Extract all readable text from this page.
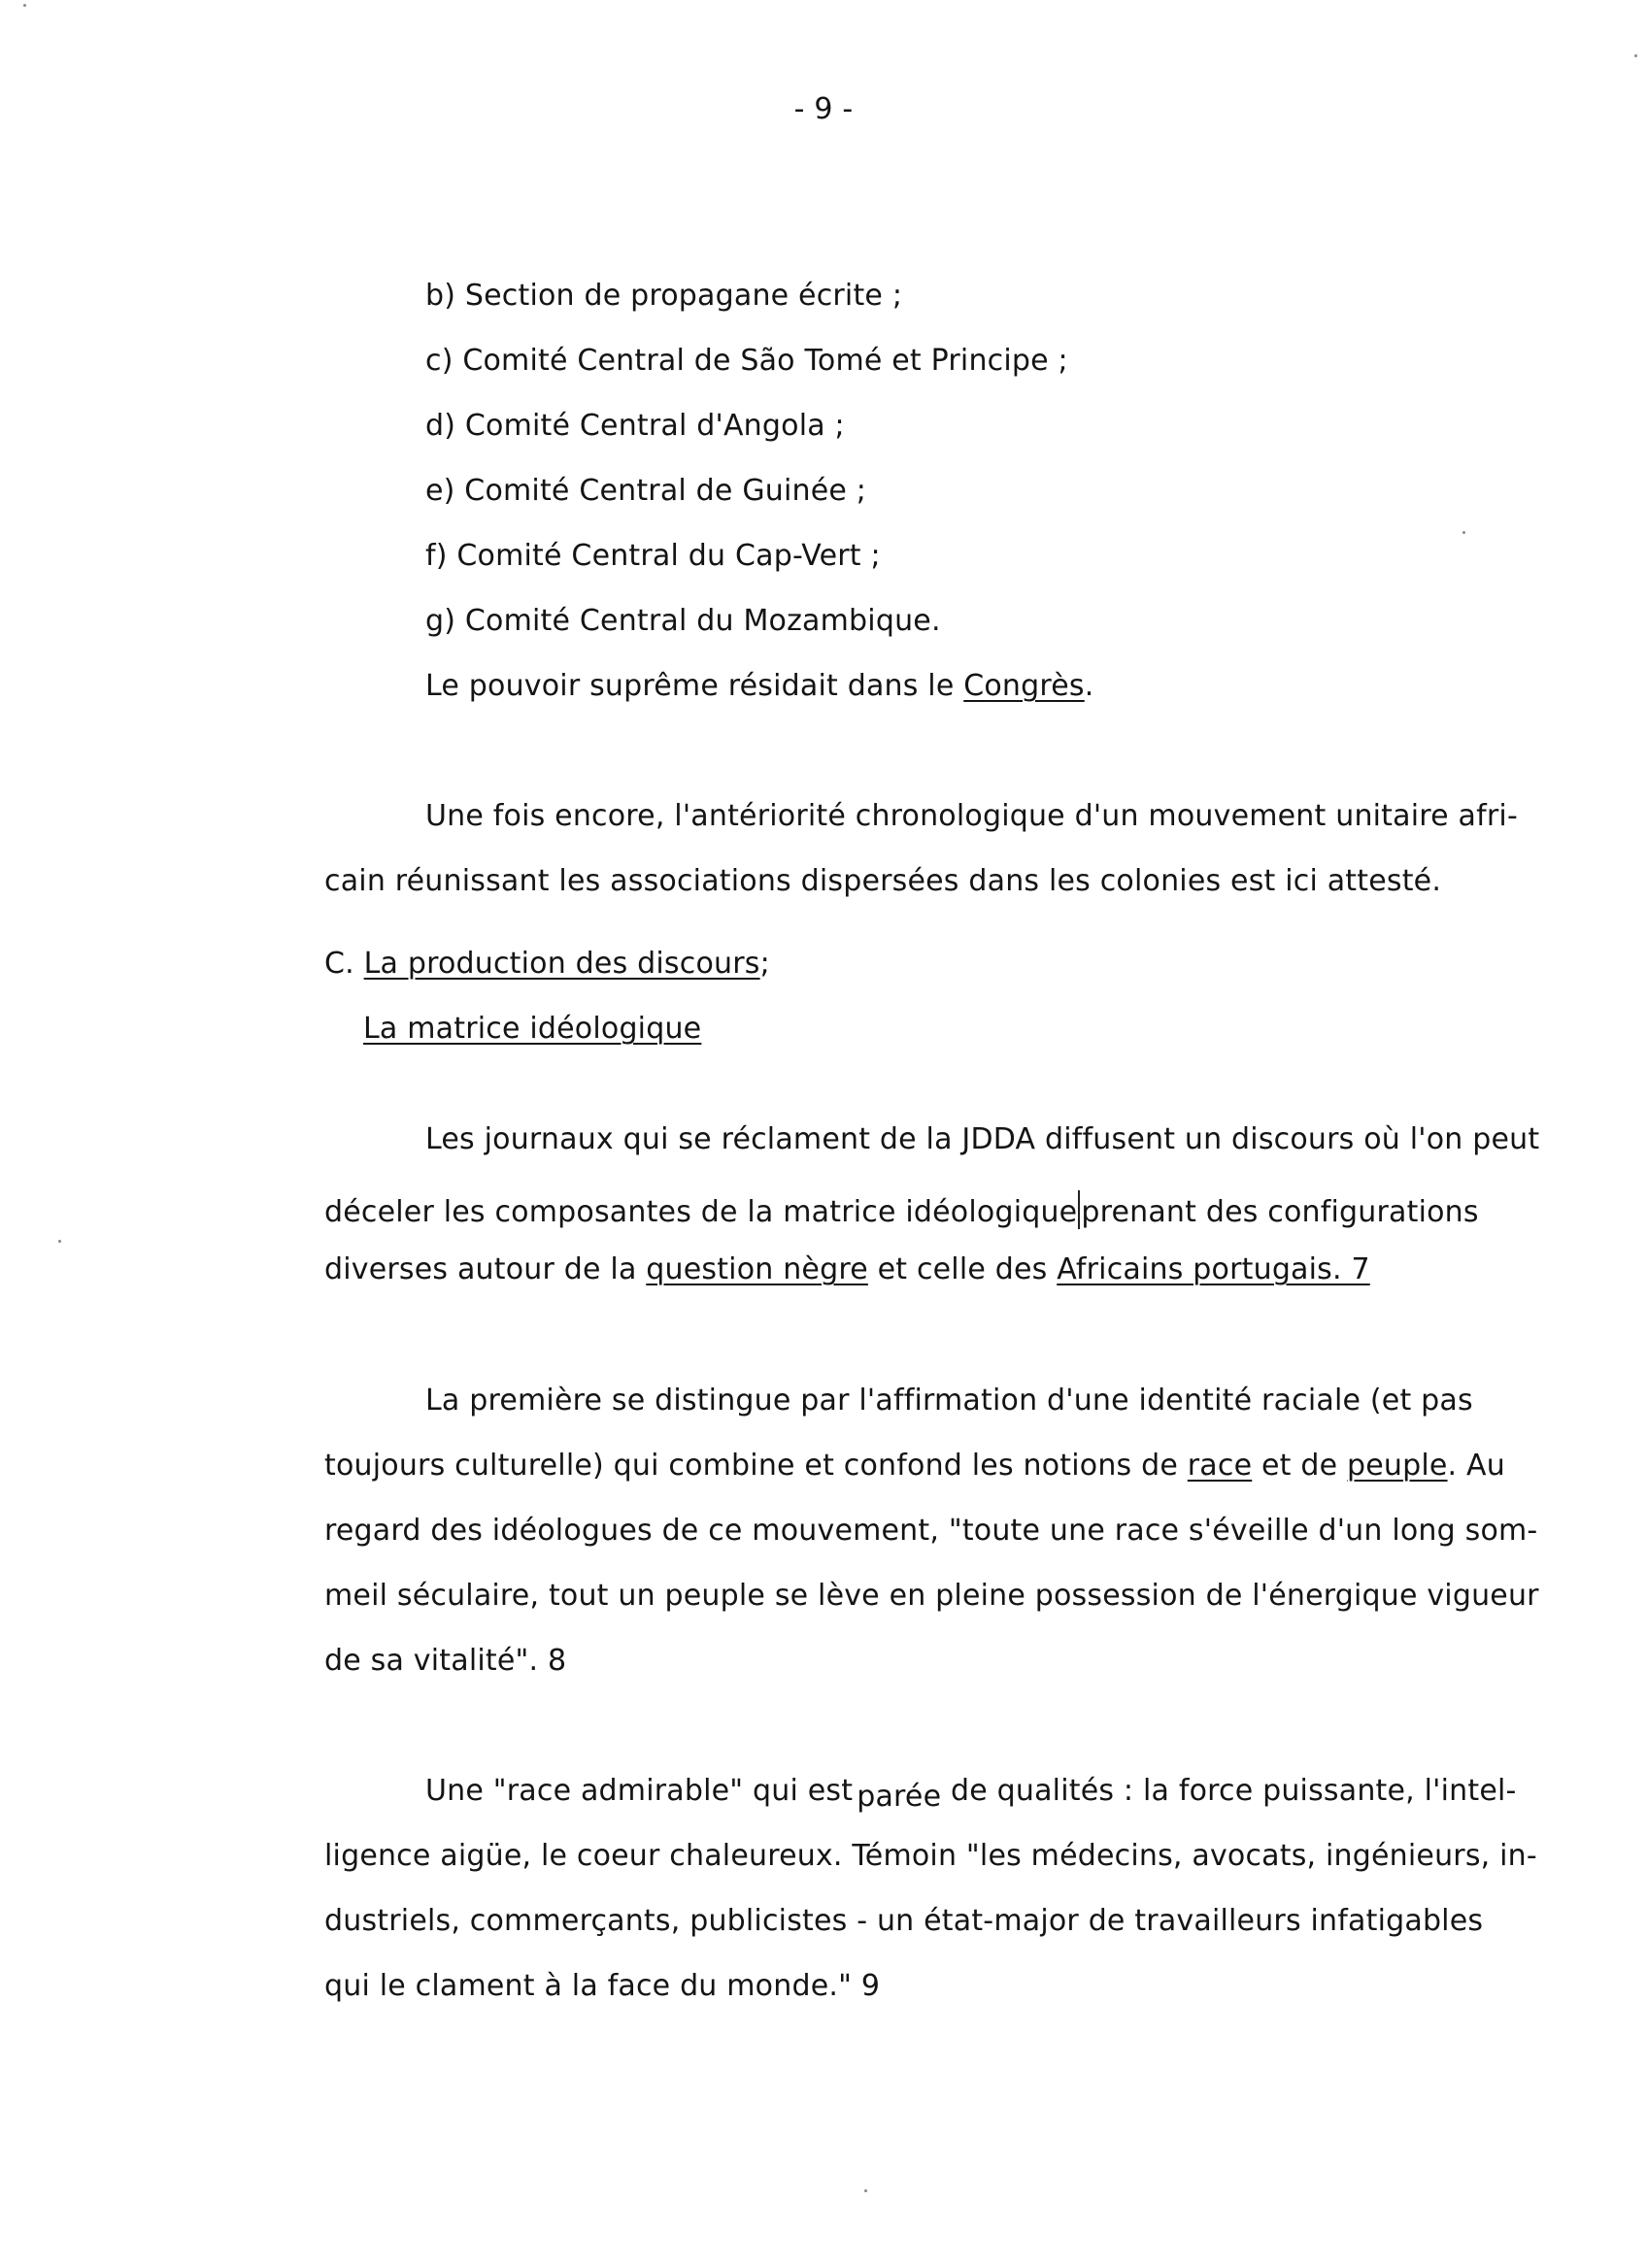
- 9 -
b) Section de propagane écrite ;
c) Comité Central de São Tomé et Principe ;
d) Comité Central d'Angola ;
e) Comité Central de Guinée ;
f) Comité Central du Cap-Vert ;
g) Comité Central du Mozambique.
Le pouvoir suprême résidait dans le Congrès.
Une fois encore, l'antériorité chronologique d'un mouvement unitaire afri-
cain réunissant les associations dispersées dans les colonies est ici attesté.
C. La production des discours;
La matrice idéologique
Les journaux qui se réclament de la JDDA diffusent un discours où l'on peut
déceler les composantes de la matrice idéologique prenant des configurations
diverses autour de la question nègre et celle des Africains portugais. 7
La première se distingue par l'affirmation d'une identité raciale (et pas
toujours culturelle) qui combine et confond les notions de race et de peuple. Au
regard des idéologues de ce mouvement, "toute une race s'éveille d'un long som-
meil séculaire, tout un peuple se lève en pleine possession de l'énergique vigueur
de sa vitalité". 8
Une "race admirable" qui est parée de qualités : la force puissante, l'intel-
ligence aigüe, le coeur chaleureux. Témoin "les médecins, avocats, ingénieurs, in-
dustriels, commerçants, publicistes - un état-major de travailleurs infatigables
qui le clament à la face du monde." 9
